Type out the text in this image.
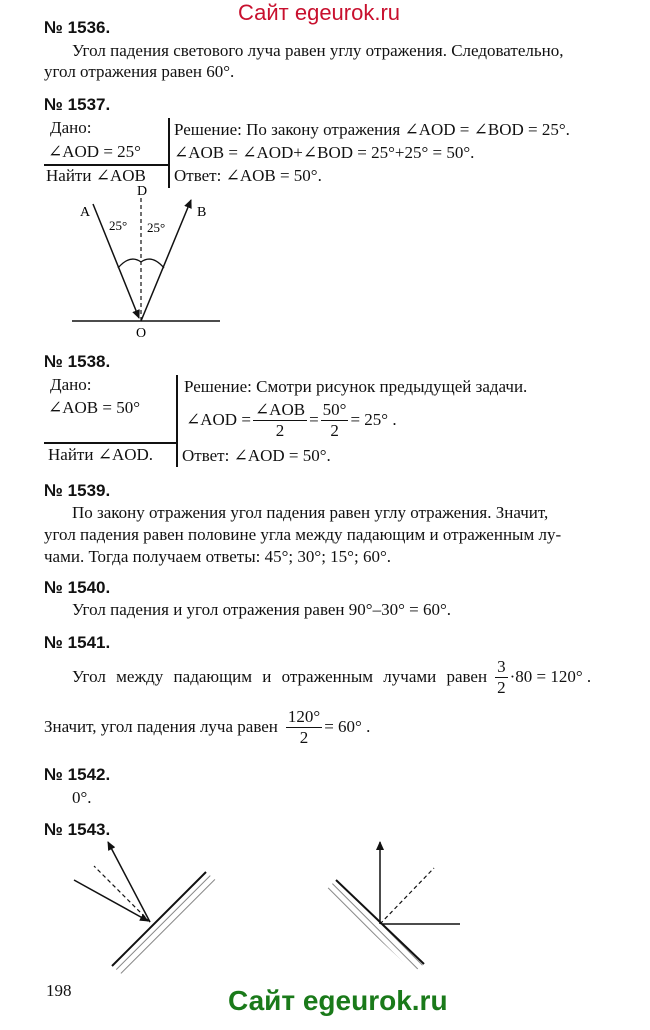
Сайт egeurok.ru
№ 1536.
Угол падения светового луча равен углу отражения. Следовательно,
угол отражения равен 60°.
№ 1537.
Дано:
∠AOD = 25°
Найти ∠AOB
Решение: По закону отражения ∠AOD = ∠BOD = 25°.
∠AOB = ∠AOD+∠BOD = 25°+25° = 50°.
Ответ: ∠AOB = 50°.
A	B
D
O
25° 25°
№ 1538.
Дано:
∠AOB = 50°
Найти ∠AOD.
Решение: Смотри рисунок предыдущей задачи.
∠AOD = $\frac{\text{∠AOB}}{2} = \frac{50^\circ}{2} = 25^\circ$ .
Ответ: ∠AOD = 50°.
№ 1539.
По закону отражения угол падения равен углу отражения. Значит,
угол падения равен половине угла между падающим и отраженным лу-
чами. Тогда получаем ответы: 45°; 30°; 15°; 60°.
№ 1540.
Угол падения и угол отражения равен 90°–30° = 60°.
№ 1541.
Угол между падающим и отраженным лучами равен $\frac{3}{2} \cdot 80 = 120^\circ$ .
Значит, угол падения луча равен $\frac{120^\circ}{2} = 60^\circ$ .
№ 1542.
0°.
№ 1543.
198	Сайт egeurok.ru
